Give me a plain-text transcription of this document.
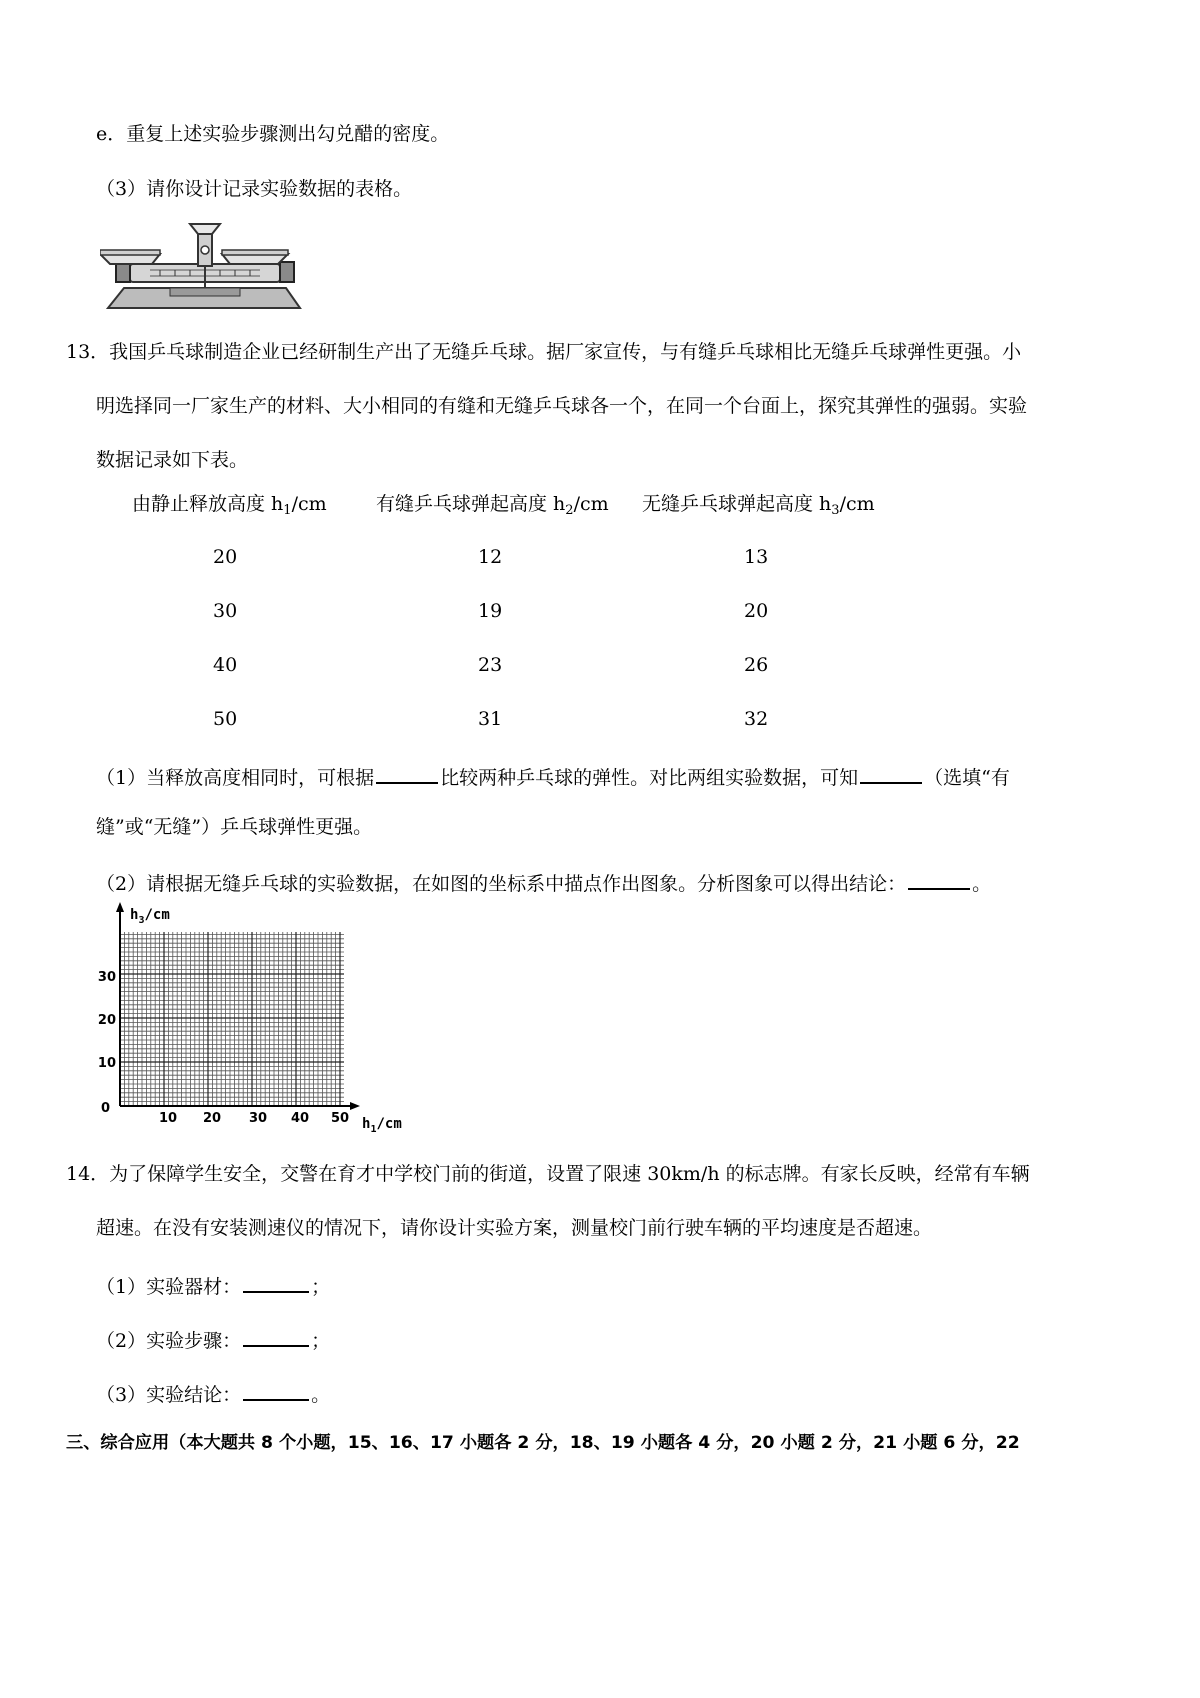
e．重复上述实验步骤测出勾兑醋的密度。
（3）请你设计记录实验数据的表格。
13．我国乒乓球制造企业已经研制生产出了无缝乒乓球。据厂家宣传，与有缝乒乓球相比无缝乒乓球弹性更强。小
明选择同一厂家生产的材料、大小相同的有缝和无缝乒乓球各一个，在同一个台面上，探究其弹性的强弱。实验
数据记录如下表。

由静止释放高度 $h_1/cm$	有缝乒乓球弹起高度 $h_2/cm$ 无缝乒乓球弹起高度 $h_3/cm$
20	12	13
30	19	20
40	23	26
50	31	32
（1）当释放高度相同时，可根据	比较两种乒乓球的弹性。对比两组实验数据，可知	（选填“有
缝”或“无缝”）乒乓球弹性更强。
（2）请根据无缝乒乓球的实验数据，在如图的坐标系中描点作出图象。分析图象可以得出结论：	。
$h_3/cm$
$h_1/cm$
0
10
20
30
10 20 30 40 50
14．为了保障学生安全，交警在育才中学校门前的街道，设置了限速 30km/h 的标志牌。有家长反映，经常有车辆
超速。在没有安装测速仪的情况下，请你设计实验方案，测量校门前行驶车辆的平均速度是否超速。
（1）实验器材：	；
（2）实验步骤：	；
（3）实验结论：	。
三、综合应用（本大题共 8 个小题，15、16、17 小题各 2 分，18、19 小题各 4 分，20 小题 2 分，21 小题 6 分，22
